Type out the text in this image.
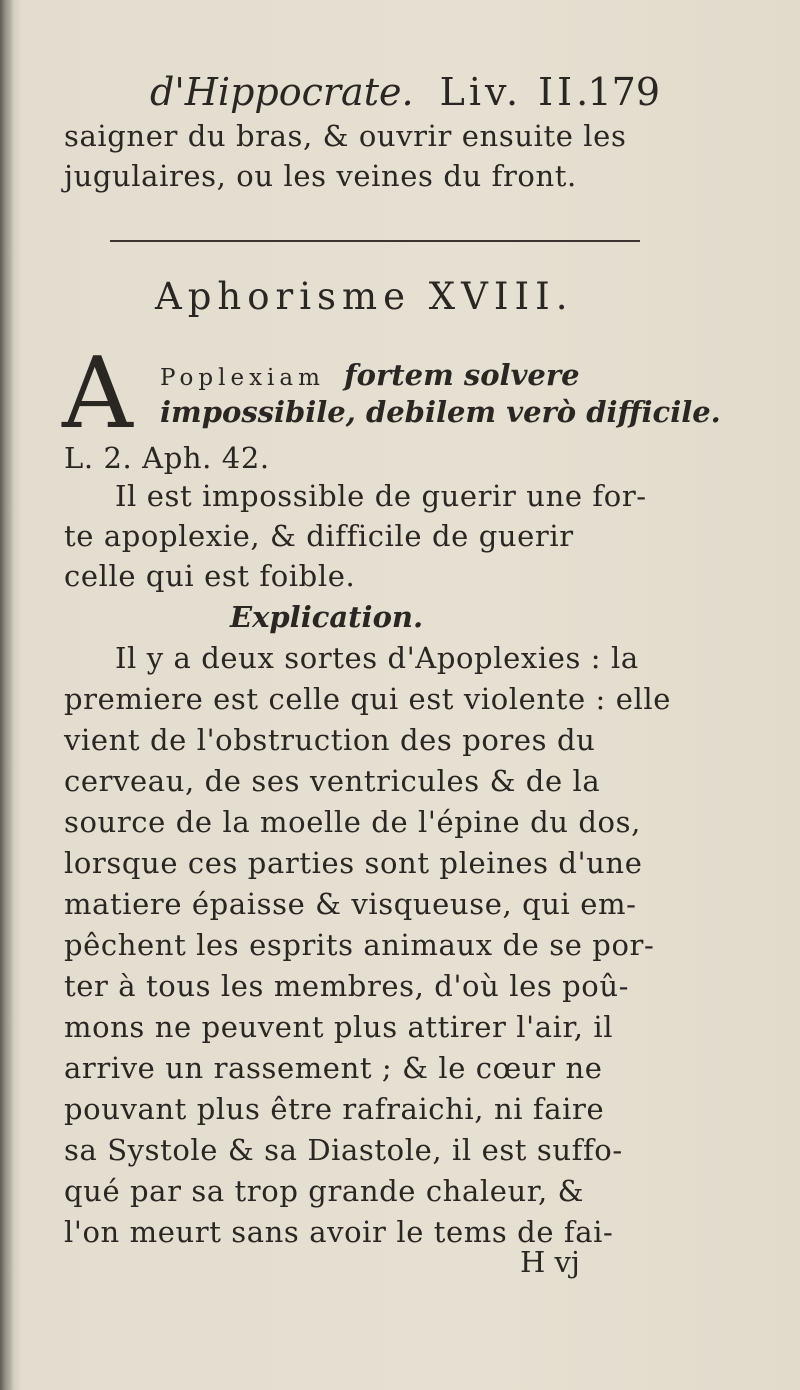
d'Hippocrate. Liv. II.
179
saigner du bras, & ouvrir ensuite les
jugulaires, ou les veines du front.
Aphorisme XVIII.
A Poplexiam fortem solvere
impossibile, debilem verò difficile.
L. 2. Aph. 42.
Il est impossible de guerir une for-
te apoplexie, & difficile de guerir
celle qui est foible.
Explication.
Il y a deux sortes d'Apoplexies : la
premiere est celle qui est violente : elle
vient de l'obstruction des pores du
cerveau, de ses ventricules & de la
source de la moelle de l'épine du dos,
lorsque ces parties sont pleines d'une
matiere épaisse & visqueuse, qui em-
pêchent les esprits animaux de se por-
ter à tous les membres, d'où les poû-
mons ne peuvent plus attirer l'air, il
arrive un rassement ; & le cœur ne
pouvant plus être rafraichi, ni faire
sa Systole & sa Diastole, il est suffo-
qué par sa trop grande chaleur, &
l'on meurt sans avoir le tems de fai-
H vj
